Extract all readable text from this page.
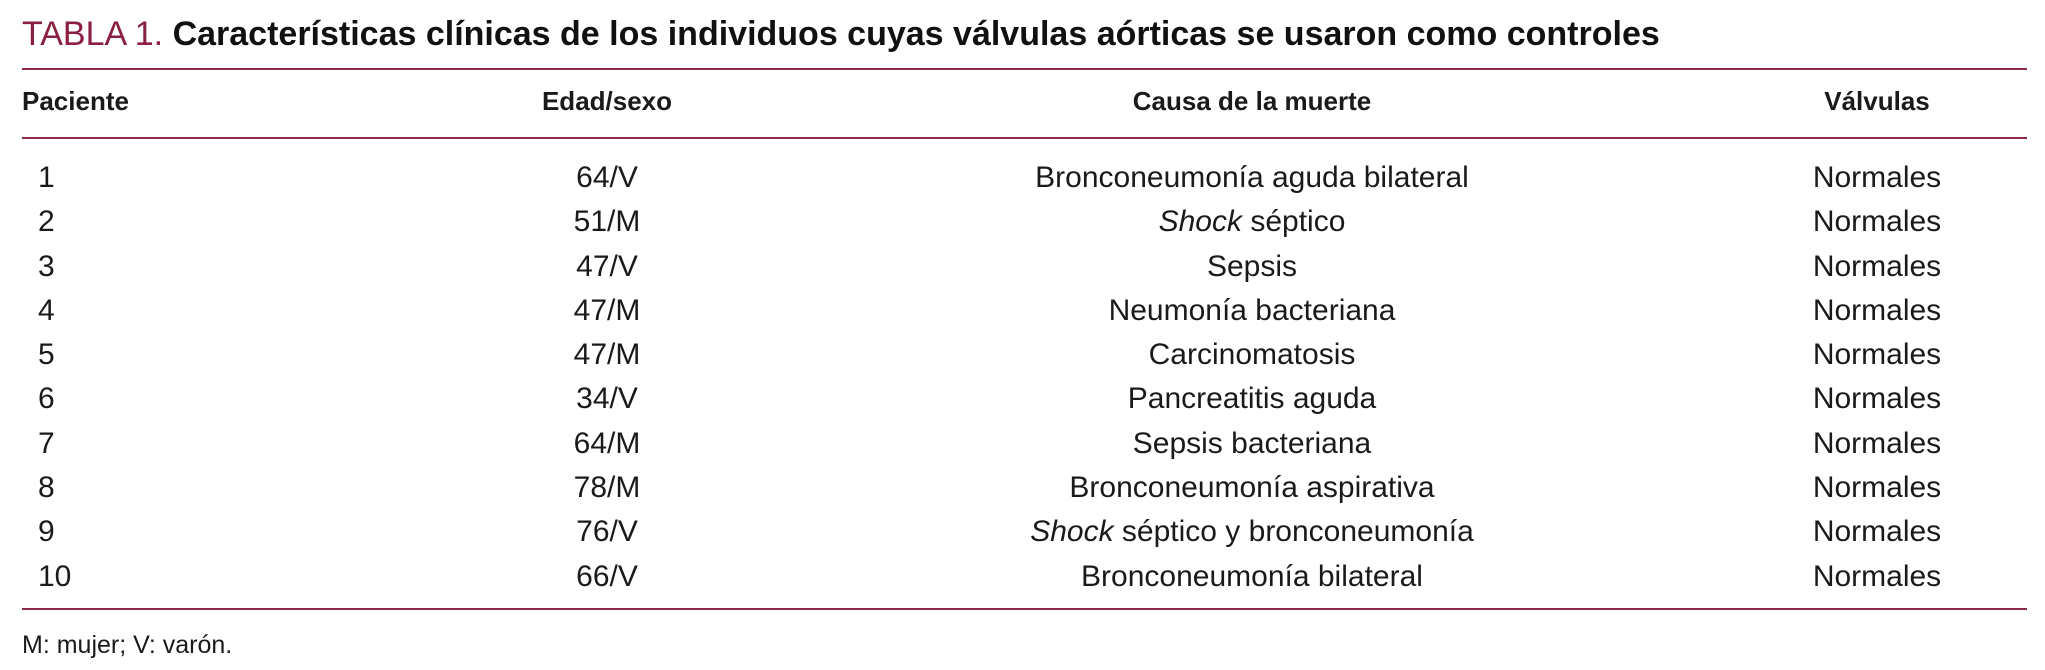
TABLA 1. Características clínicas de los individuos cuyas válvulas aórticas se usaron como controles
Paciente	Edad/sexo	Causa de la muerte	Válvulas
1	64/V	Bronconeumonía aguda bilateral	Normales
2	51/M	Shock séptico	Normales
3	47/V	Sepsis	Normales
4	47/M	Neumonía bacteriana	Normales
5	47/M	Carcinomatosis	Normales
6	34/V	Pancreatitis aguda	Normales
7	64/M	Sepsis bacteriana	Normales
8	78/M	Bronconeumonía aspirativa	Normales
9	76/V	Shock séptico y bronconeumonía	Normales
10	66/V	Bronconeumonía bilateral	Normales
M: mujer; V: varón.
